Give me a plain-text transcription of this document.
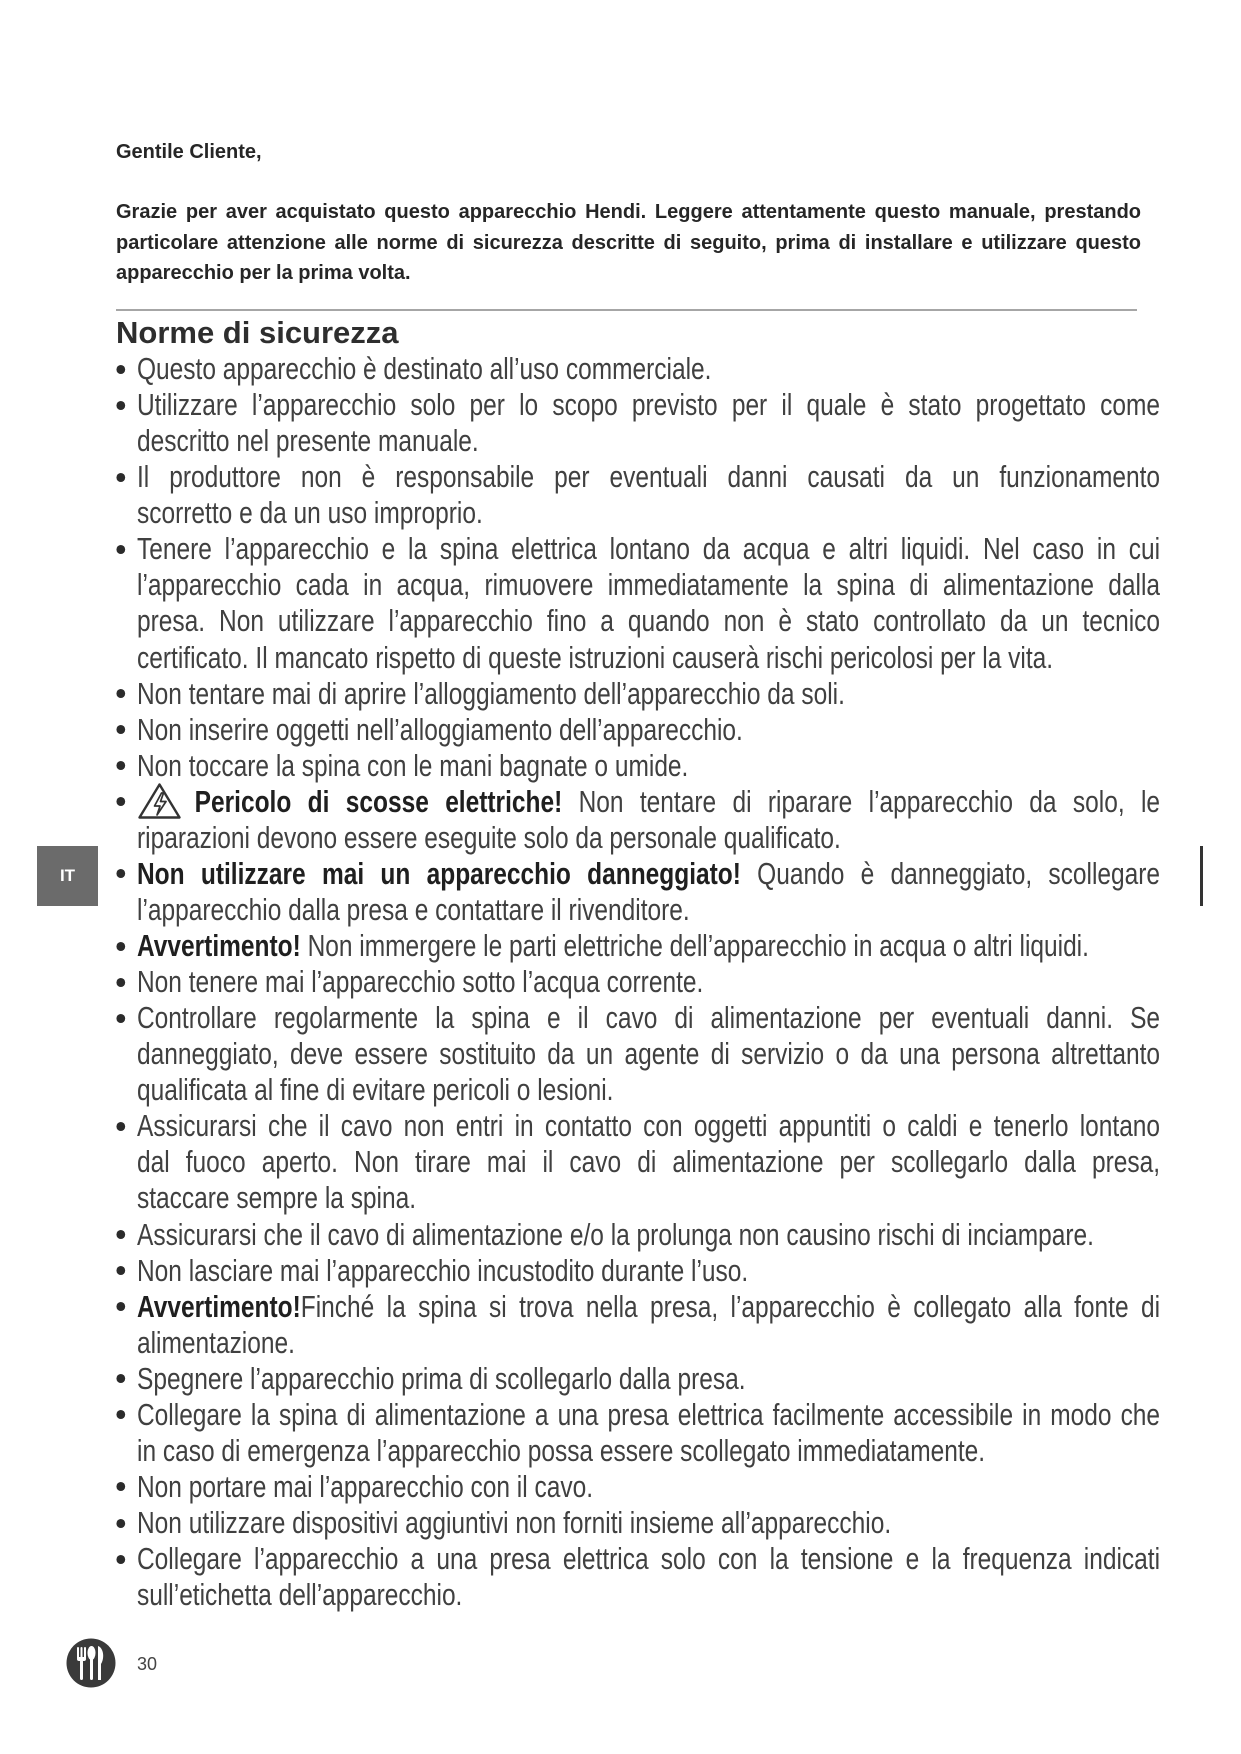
Gentile Cliente,
Grazie per aver acquistato questo apparecchio Hendi. Leggere attentamente questo manuale, prestando
particolare attenzione alle norme di sicurezza descritte di seguito, prima di installare e utilizzare questo
apparecchio per la prima volta.
Norme di sicurezza
Questo apparecchio è destinato all’uso commerciale.
Utilizzare l’apparecchio solo per lo scopo previsto per il quale è stato progettato come
descritto nel presente manuale.
Il produttore non è responsabile per eventuali danni causati da un funzionamento
scorretto e da un uso improprio.
Tenere l’apparecchio e la spina elettrica lontano da acqua e altri liquidi. Nel caso in cui
l’apparecchio cada in acqua, rimuovere immediatamente la spina di alimentazione dalla
presa. Non utilizzare l’apparecchio fino a quando non è stato controllato da un tecnico
certificato. Il mancato rispetto di queste istruzioni causerà rischi pericolosi per la vita.
Non tentare mai di aprire l’alloggiamento dell’apparecchio da soli.
Non inserire oggetti nell’alloggiamento dell’apparecchio.
Non toccare la spina con le mani bagnate o umide.
Pericolo di scosse elettriche! Non tentare di riparare l’apparecchio da solo, le
riparazioni devono essere eseguite solo da personale qualificato.
Non utilizzare mai un apparecchio danneggiato! Quando è danneggiato, scollegare
l’apparecchio dalla presa e contattare il rivenditore.
Avvertimento! Non immergere le parti elettriche dell’apparecchio in acqua o altri liquidi.
Non tenere mai l’apparecchio sotto l’acqua corrente.
Controllare regolarmente la spina e il cavo di alimentazione per eventuali danni. Se
danneggiato, deve essere sostituito da un agente di servizio o da una persona altrettanto
qualificata al fine di evitare pericoli o lesioni.
Assicurarsi che il cavo non entri in contatto con oggetti appuntiti o caldi e tenerlo lontano
dal fuoco aperto. Non tirare mai il cavo di alimentazione per scollegarlo dalla presa,
staccare sempre la spina.
Assicurarsi che il cavo di alimentazione e/o la prolunga non causino rischi di inciampare.
Non lasciare mai l’apparecchio incustodito durante l’uso.
Avvertimento!Finché la spina si trova nella presa, l’apparecchio è collegato alla fonte di
alimentazione.
Spegnere l’apparecchio prima di scollegarlo dalla presa.
Collegare la spina di alimentazione a una presa elettrica facilmente accessibile in modo che
in caso di emergenza l’apparecchio possa essere scollegato immediatamente.
Non portare mai l’apparecchio con il cavo.
Non utilizzare dispositivi aggiuntivi non forniti insieme all’apparecchio.
Collegare l’apparecchio a una presa elettrica solo con la tensione e la frequenza indicati
sull’etichetta dell’apparecchio.
IT
30
